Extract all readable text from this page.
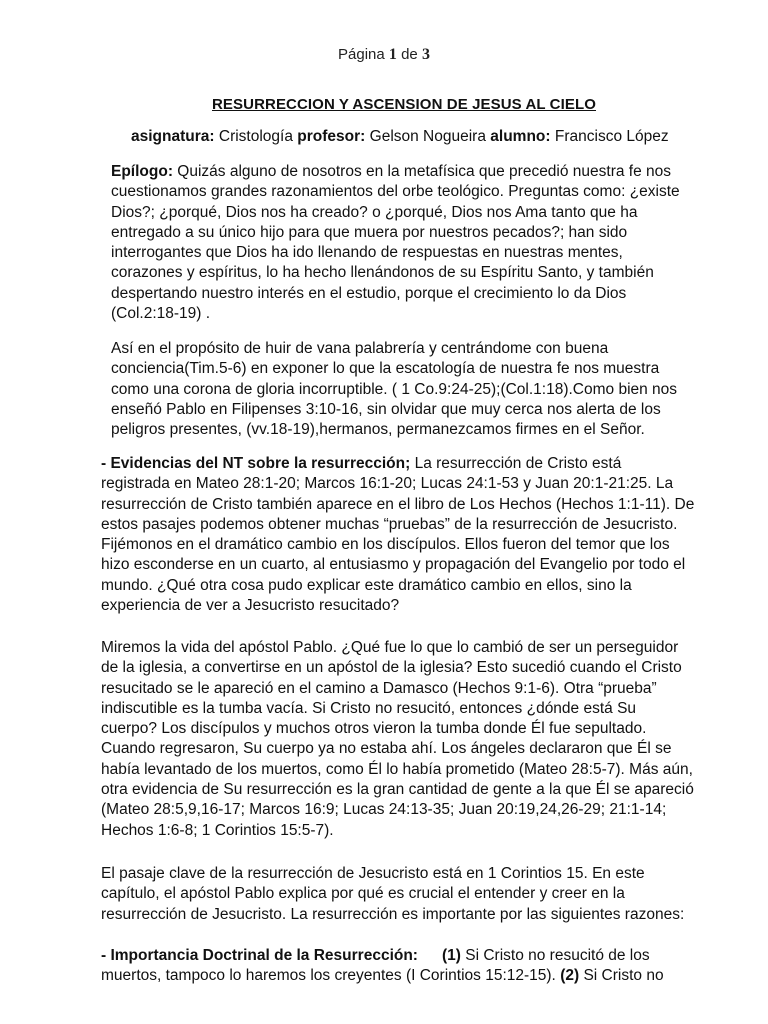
Página 1 de 3
RESURRECCION Y ASCENSION DE JESUS AL CIELO
asignatura: Cristología profesor: Gelson Nogueira alumno: Francisco López
Epílogo: Quizás alguno de nosotros en la metafísica que precedió nuestra fe nos
cuestionamos grandes razonamientos del orbe teológico. Preguntas como: ¿existe
Dios?; ¿porqué, Dios nos ha creado? o ¿porqué, Dios nos Ama tanto que ha
entregado a su único hijo para que muera por nuestros pecados?; han sido
interrogantes que Dios ha ido llenando de respuestas en nuestras mentes,
corazones y espíritus, lo ha hecho llenándonos de su Espíritu Santo, y también
despertando nuestro interés en el estudio, porque el crecimiento lo da Dios
(Col.2:18-19) .
Así en el propósito de huir de vana palabrería y centrándome con buena
conciencia(Tim.5-6) en exponer lo que la escatología de nuestra fe nos muestra
como una corona de gloria incorruptible. ( 1 Co.9:24-25);(Col.1:18).Como bien nos
enseñó Pablo en Filipenses 3:10-16, sin olvidar que muy cerca nos alerta de los
peligros presentes, (vv.18-19),hermanos, permanezcamos firmes en el Señor.
- Evidencias del NT sobre la resurrección; La resurrección de Cristo está
registrada en Mateo 28:1-20; Marcos 16:1-20; Lucas 24:1-53 y Juan 20:1-21:25. La
resurrección de Cristo también aparece en el libro de Los Hechos (Hechos 1:1-11). De
estos pasajes podemos obtener muchas “pruebas” de la resurrección de Jesucristo.
Fijémonos en el dramático cambio en los discípulos. Ellos fueron del temor que los
hizo esconderse en un cuarto, al entusiasmo y propagación del Evangelio por todo el
mundo. ¿Qué otra cosa pudo explicar este dramático cambio en ellos, sino la
experiencia de ver a Jesucristo resucitado?
Miremos la vida del apóstol Pablo. ¿Qué fue lo que lo cambió de ser un perseguidor
de la iglesia, a convertirse en un apóstol de la iglesia? Esto sucedió cuando el Cristo
resucitado se le apareció en el camino a Damasco (Hechos 9:1-6). Otra “prueba”
indiscutible es la tumba vacía. Si Cristo no resucitó, entonces ¿dónde está Su
cuerpo? Los discípulos y muchos otros vieron la tumba donde Él fue sepultado.
Cuando regresaron, Su cuerpo ya no estaba ahí. Los ángeles declararon que Él se
había levantado de los muertos, como Él lo había prometido (Mateo 28:5-7). Más aún,
otra evidencia de Su resurrección es la gran cantidad de gente a la que Él se apareció
(Mateo 28:5,9,16-17; Marcos 16:9; Lucas 24:13-35; Juan 20:19,24,26-29; 21:1-14;
Hechos 1:6-8; 1 Corintios 15:5-7).
El pasaje clave de la resurrección de Jesucristo está en 1 Corintios 15. En este
capítulo, el apóstol Pablo explica por qué es crucial el entender y creer en la
resurrección de Jesucristo. La resurrección es importante por las siguientes razones:
- Importancia Doctrinal de la Resurrección: (1) Si Cristo no resucitó de los
muertos, tampoco lo haremos los creyentes (I Corintios 15:12-15). (2) Si Cristo no
